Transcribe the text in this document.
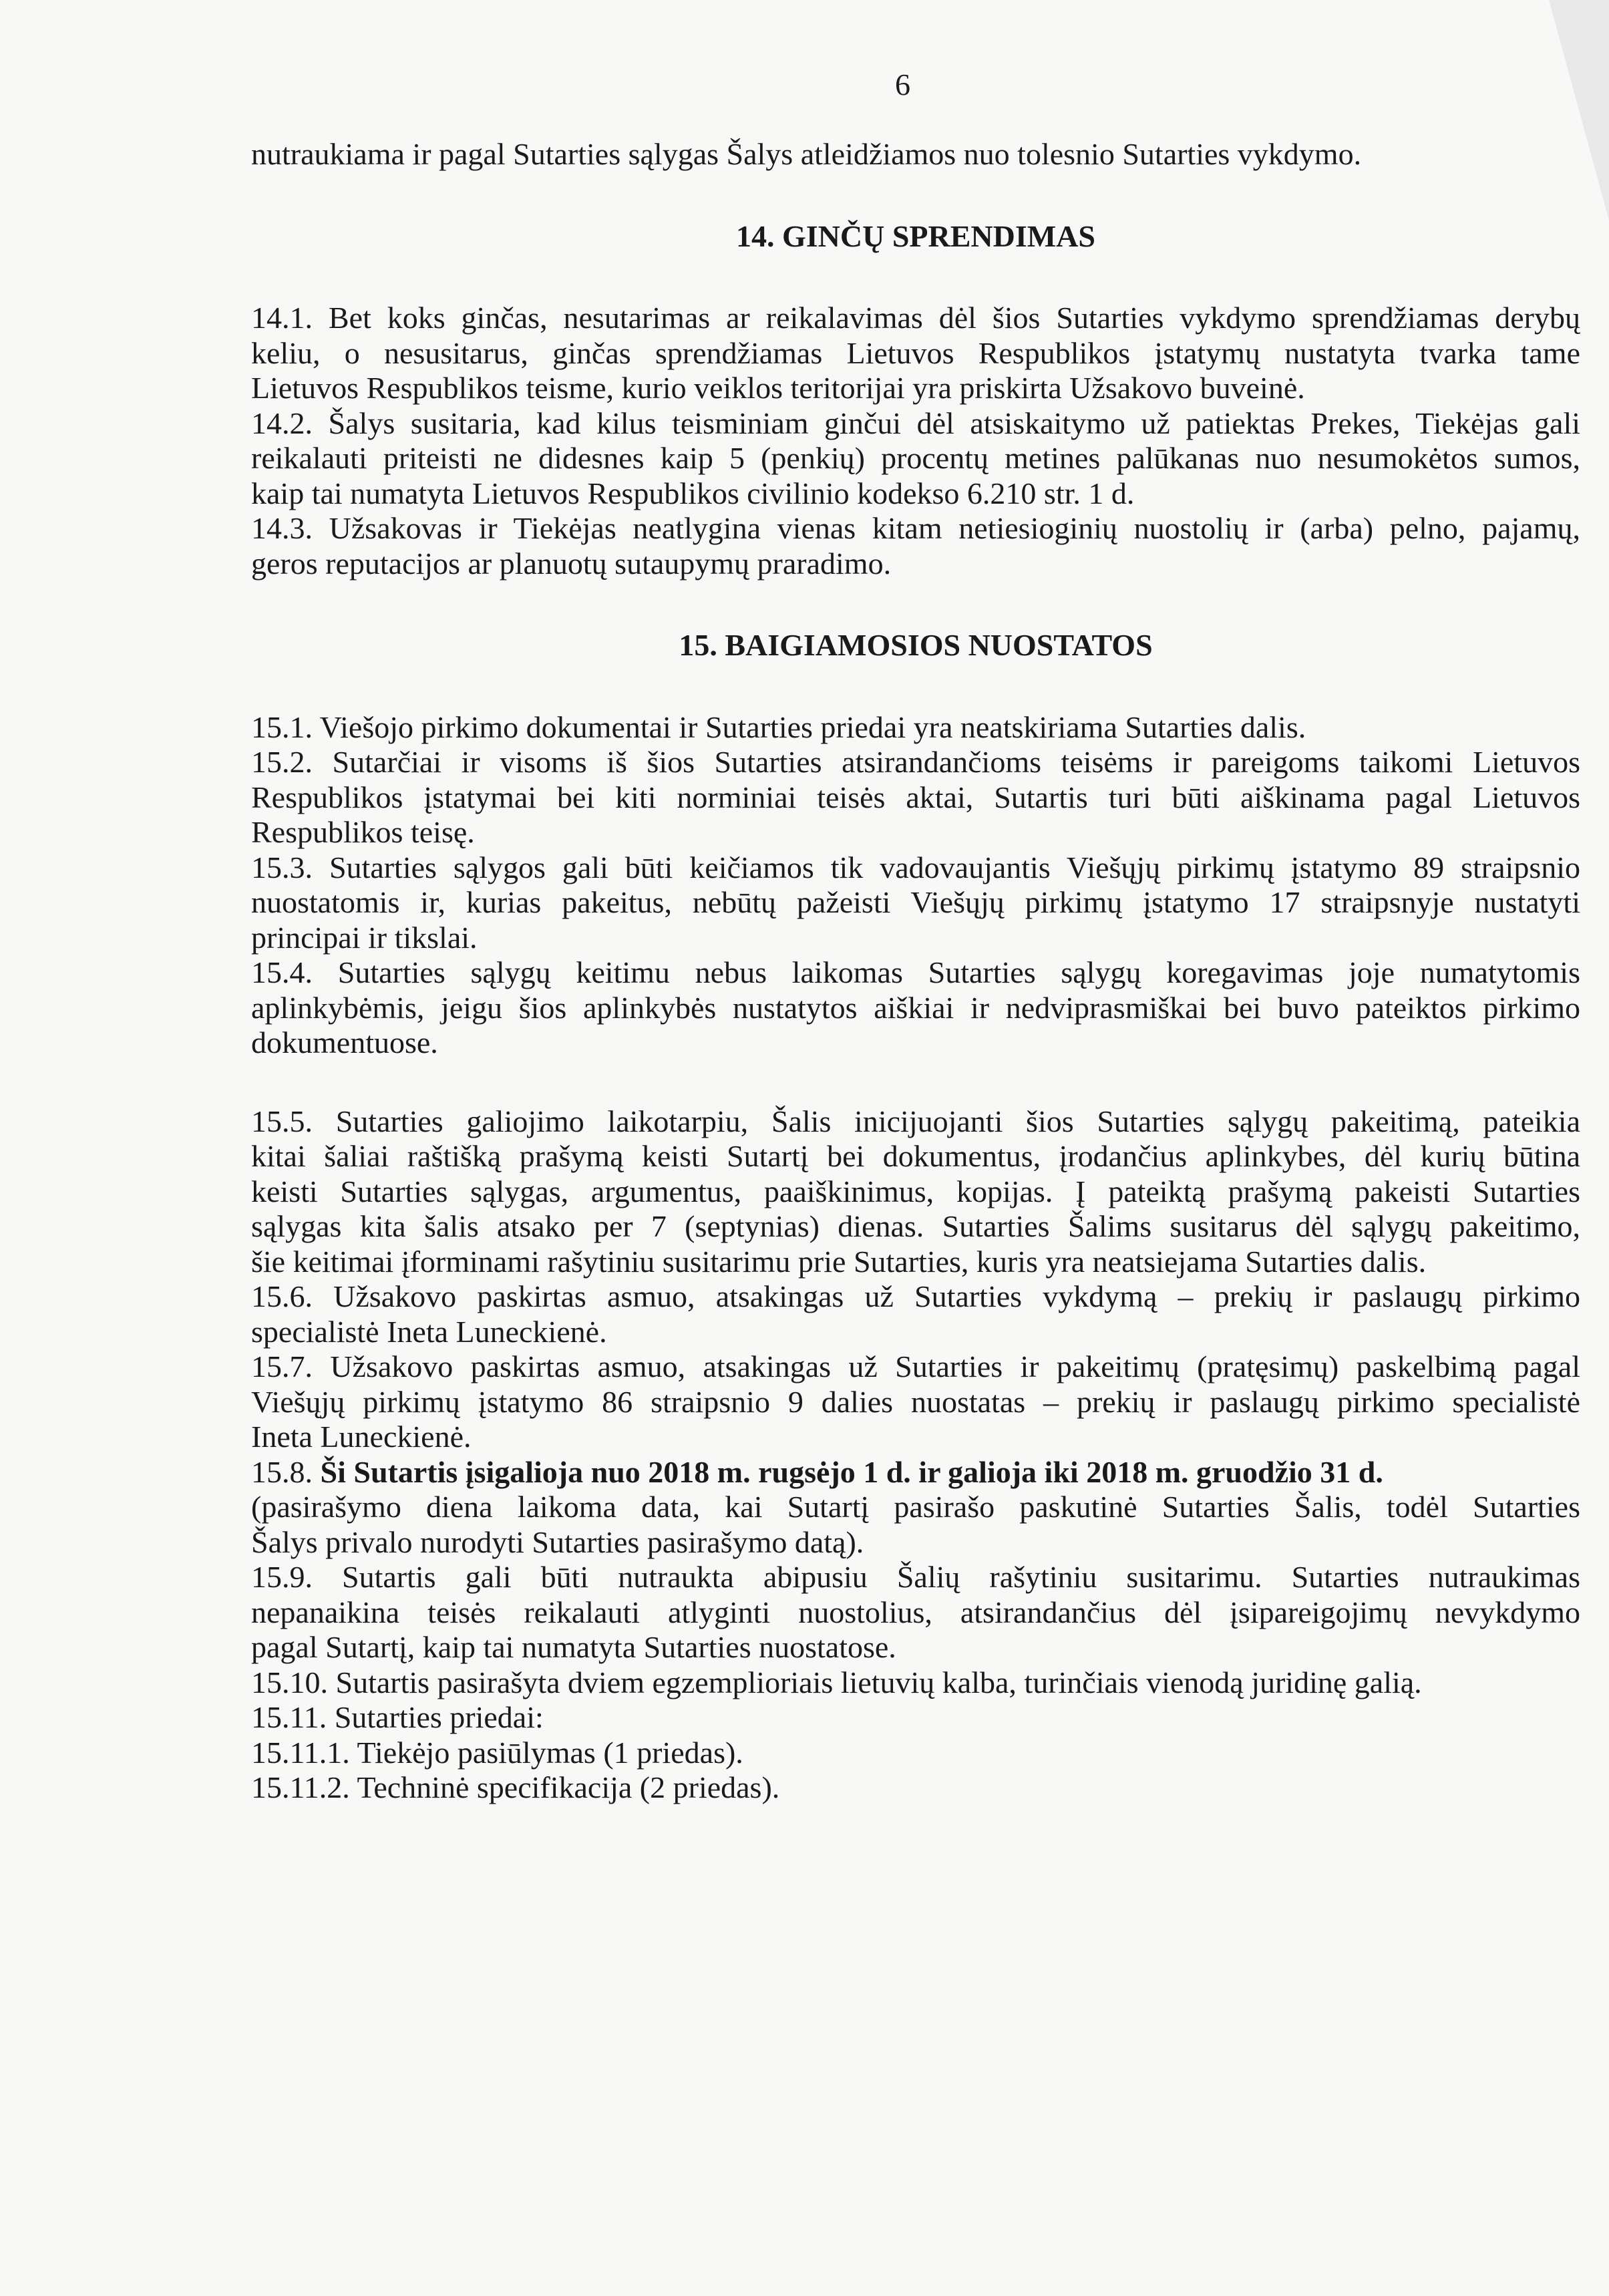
6
nutraukiama ir pagal Sutarties sąlygas Šalys atleidžiamos nuo tolesnio Sutarties vykdymo.
14. GINČŲ SPRENDIMAS
14.1. Bet koks ginčas, nesutarimas ar reikalavimas dėl šios Sutarties vykdymo sprendžiamas derybų
keliu, o nesusitarus, ginčas sprendžiamas Lietuvos Respublikos įstatymų nustatyta tvarka tame
Lietuvos Respublikos teisme, kurio veiklos teritorijai yra priskirta Užsakovo buveinė.
14.2. Šalys susitaria, kad kilus teisminiam ginčui dėl atsiskaitymo už patiektas Prekes, Tiekėjas gali
reikalauti priteisti ne didesnes kaip 5 (penkių) procentų metines palūkanas nuo nesumokėtos sumos,
kaip tai numatyta Lietuvos Respublikos civilinio kodekso 6.210 str. 1 d.
14.3. Užsakovas ir Tiekėjas neatlygina vienas kitam netiesioginių nuostolių ir (arba) pelno, pajamų,
geros reputacijos ar planuotų sutaupymų praradimo.
15. BAIGIAMOSIOS NUOSTATOS
15.1. Viešojo pirkimo dokumentai ir Sutarties priedai yra neatskiriama Sutarties dalis.
15.2. Sutarčiai ir visoms iš šios Sutarties atsirandančioms teisėms ir pareigoms taikomi Lietuvos
Respublikos įstatymai bei kiti norminiai teisės aktai, Sutartis turi būti aiškinama pagal Lietuvos
Respublikos teisę.
15.3. Sutarties sąlygos gali būti keičiamos tik vadovaujantis Viešųjų pirkimų įstatymo 89 straipsnio
nuostatomis ir, kurias pakeitus, nebūtų pažeisti Viešųjų pirkimų įstatymo 17 straipsnyje nustatyti
principai ir tikslai.
15.4. Sutarties sąlygų keitimu nebus laikomas Sutarties sąlygų koregavimas joje numatytomis
aplinkybėmis, jeigu šios aplinkybės nustatytos aiškiai ir nedviprasmiškai bei buvo pateiktos pirkimo
dokumentuose.
15.5. Sutarties galiojimo laikotarpiu, Šalis inicijuojanti šios Sutarties sąlygų pakeitimą, pateikia
kitai šaliai raštišką prašymą keisti Sutartį bei dokumentus, įrodančius aplinkybes, dėl kurių būtina
keisti Sutarties sąlygas, argumentus, paaiškinimus, kopijas. Į pateiktą prašymą pakeisti Sutarties
sąlygas kita šalis atsako per 7 (septynias) dienas. Sutarties Šalims susitarus dėl sąlygų pakeitimo,
šie keitimai įforminami rašytiniu susitarimu prie Sutarties, kuris yra neatsiejama Sutarties dalis.
15.6. Užsakovo paskirtas asmuo, atsakingas už Sutarties vykdymą – prekių ir paslaugų pirkimo
specialistė Ineta Luneckienė.
15.7. Užsakovo paskirtas asmuo, atsakingas už Sutarties ir pakeitimų (pratęsimų) paskelbimą pagal
Viešųjų pirkimų įstatymo 86 straipsnio 9 dalies nuostatas – prekių ir paslaugų pirkimo specialistė
Ineta Luneckienė.
15.8. Ši Sutartis įsigalioja nuo 2018 m. rugsėjo 1 d. ir galioja iki 2018 m. gruodžio 31 d.
(pasirašymo diena laikoma data, kai Sutartį pasirašo paskutinė Sutarties Šalis, todėl Sutarties
Šalys privalo nurodyti Sutarties pasirašymo datą).
15.9. Sutartis gali būti nutraukta abipusiu Šalių rašytiniu susitarimu. Sutarties nutraukimas
nepanaikina teisės reikalauti atlyginti nuostolius, atsirandančius dėl įsipareigojimų nevykdymo
pagal Sutartį, kaip tai numatyta Sutarties nuostatose.
15.10. Sutartis pasirašyta dviem egzemplioriais lietuvių kalba, turinčiais vienodą juridinę galią.
15.11. Sutarties priedai:
15.11.1. Tiekėjo pasiūlymas (1 priedas).
15.11.2. Techninė specifikacija (2 priedas).
